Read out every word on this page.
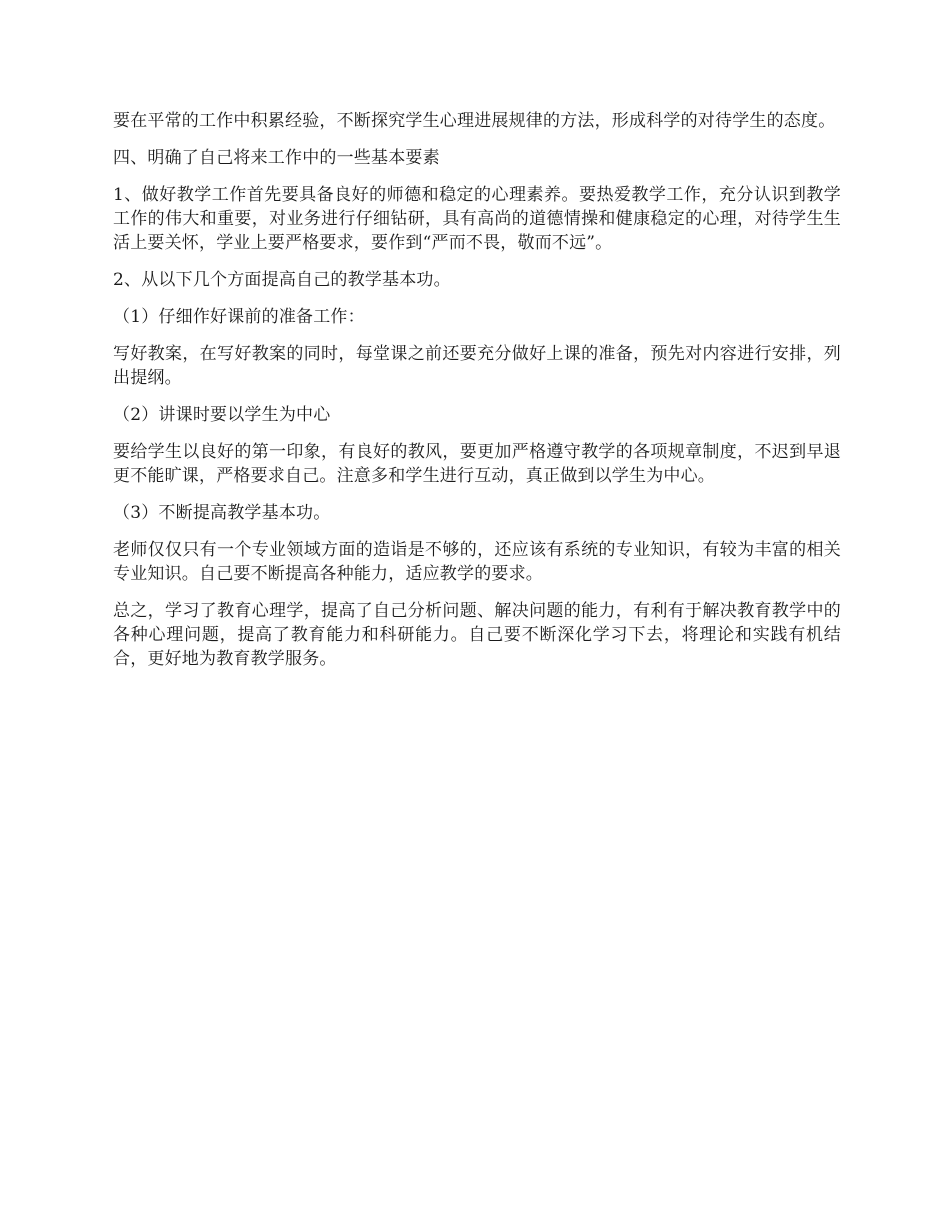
要在平常的工作中积累经验，不断探究学生心理进展规律的方法，形成科学的对待学生的态度。

四、明确了自己将来工作中的一些基本要素

1、做好教学工作首先要具备良好的师德和稳定的心理素养。要热爱教学工作，充分认识到教学工作的伟大和重要，对业务进行仔细钻研，具有高尚的道德情操和健康稳定的心理，对待学生生活上要关怀，学业上要严格要求，要作到“严而不畏，敬而不远”。

2、从以下几个方面提高自己的教学基本功。

（1）仔细作好课前的准备工作：

写好教案，在写好教案的同时，每堂课之前还要充分做好上课的准备，预先对内容进行安排，列出提纲。

（2）讲课时要以学生为中心

要给学生以良好的第一印象，有良好的教风，要更加严格遵守教学的各项规章制度，不迟到早退更不能旷课，严格要求自己。注意多和学生进行互动，真正做到以学生为中心。

（3）不断提高教学基本功。

老师仅仅只有一个专业领域方面的造诣是不够的，还应该有系统的专业知识，有较为丰富的相关专业知识。自己要不断提高各种能力，适应教学的要求。

总之，学习了教育心理学，提高了自己分析问题、解决问题的能力，有利有于解决教育教学中的各种心理问题，提高了教育能力和科研能力。自己要不断深化学习下去，将理论和实践有机结合，更好地为教育教学服务。
